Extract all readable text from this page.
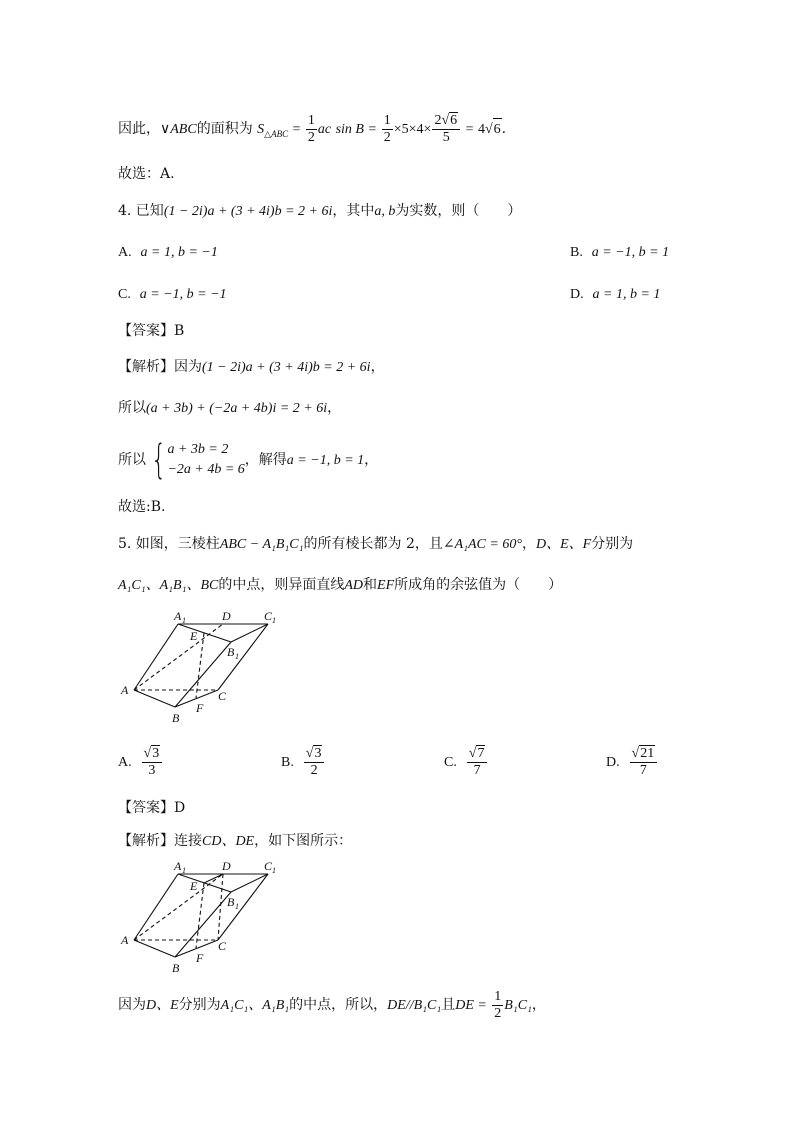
因此，∨ABC的面积为 $S_{\triangle ABC} = \frac{1}{2}$ ac $\sin B = \frac{1}{2} \times 5\times 4\times \frac{2√6}{5} = 4√6$.
故选：A.
4. 已知(1 − 2i)a + (3 + 4i)b = 2 + 6i，其中a, b为实数，则（　　）
A. a = 1, b = −1	B. a = −1, b = 1
C. a = −1, b = −1	D. a = 1, b = 1
【答案】B
【解析】因为(1 − 2i)a + (3 + 4i)b = 2 + 6i，
所以(a + 3b) + (−2a + 4b)i = 2 + 6i，
所以 { a + 3b = 2
−2a + 4b = 6
，解得a = −1, b = 1，
故选:B.
5. 如图，三棱柱ABC − A₁B₁C₁的所有棱长都为 2，且∠A₁AC = 60°，D、E、F分别为
A₁C₁、A₁B₁、BC的中点，则异面直线AD和EF所成角的余弦值为（　　）
A 1	D	C 1
E
B 1
A	C
F
B
A. $\frac{√3}{3}$	B. $\frac{√3}{2}$	C. $\frac{√7}{7}$	D. $\frac{√21}{7}$
【答案】D
【解析】连接CD、DE，如下图所示：
A 1	D	C 1
E
B 1
A	C
F
B
因为D、E分别为A₁C₁、A₁B₁的中点，所以，DE//B₁C₁且DE = $\frac{1}{2} B_1C_1$，
